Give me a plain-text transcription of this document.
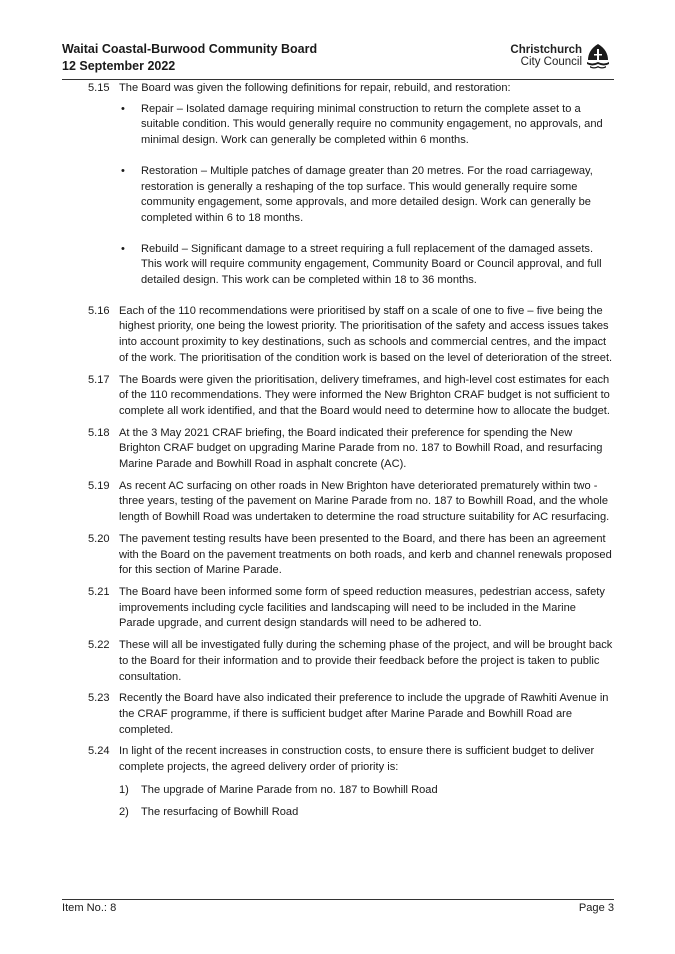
Waitai Coastal-Burwood Community Board
12 September 2022
Christchurch
City Council
5.15 The Board was given the following definitions for repair, rebuild, and restoration:
• Repair – Isolated damage requiring minimal construction to return the complete asset to a suitable condition. This would generally require no community engagement, no approvals, and minimal design. Work can generally be completed within 6 months.
• Restoration – Multiple patches of damage greater than 20 metres. For the road carriageway, restoration is generally a reshaping of the top surface. This would generally require some community engagement, some approvals, and more detailed design. Work can generally be completed within 6 to 18 months.
• Rebuild – Significant damage to a street requiring a full replacement of the damaged assets. This work will require community engagement, Community Board or Council approval, and full detailed design. This work can be completed within 18 to 36 months.
5.16 Each of the 110 recommendations were prioritised by staff on a scale of one to five – five being the highest priority, one being the lowest priority. The prioritisation of the safety and access issues takes into account proximity to key destinations, such as schools and commercial centres, and the impact of the work. The prioritisation of the condition work is based on the level of deterioration of the street.
5.17 The Boards were given the prioritisation, delivery timeframes, and high-level cost estimates for each of the 110 recommendations. They were informed the New Brighton CRAF budget is not sufficient to complete all work identified, and that the Board would need to determine how to allocate the budget.
5.18 At the 3 May 2021 CRAF briefing, the Board indicated their preference for spending the New Brighton CRAF budget on upgrading Marine Parade from no. 187 to Bowhill Road, and resurfacing Marine Parade and Bowhill Road in asphalt concrete (AC).
5.19 As recent AC surfacing on other roads in New Brighton have deteriorated prematurely within two - three years, testing of the pavement on Marine Parade from no. 187 to Bowhill Road, and the whole length of Bowhill Road was undertaken to determine the road structure suitability for AC resurfacing.
5.20 The pavement testing results have been presented to the Board, and there has been an agreement with the Board on the pavement treatments on both roads, and kerb and channel renewals proposed for this section of Marine Parade.
5.21 The Board have been informed some form of speed reduction measures, pedestrian access, safety improvements including cycle facilities and landscaping will need to be included in the Marine Parade upgrade, and current design standards will need to be adhered to.
5.22 These will all be investigated fully during the scheming phase of the project, and will be brought back to the Board for their information and to provide their feedback before the project is taken to public consultation.
5.23 Recently the Board have also indicated their preference to include the upgrade of Rawhiti Avenue in the CRAF programme, if there is sufficient budget after Marine Parade and Bowhill Road are completed.
5.24 In light of the recent increases in construction costs, to ensure there is sufficient budget to deliver complete projects, the agreed delivery order of priority is:
1) The upgrade of Marine Parade from no. 187 to Bowhill Road
2) The resurfacing of Bowhill Road
Item No.: 8	Page 3
